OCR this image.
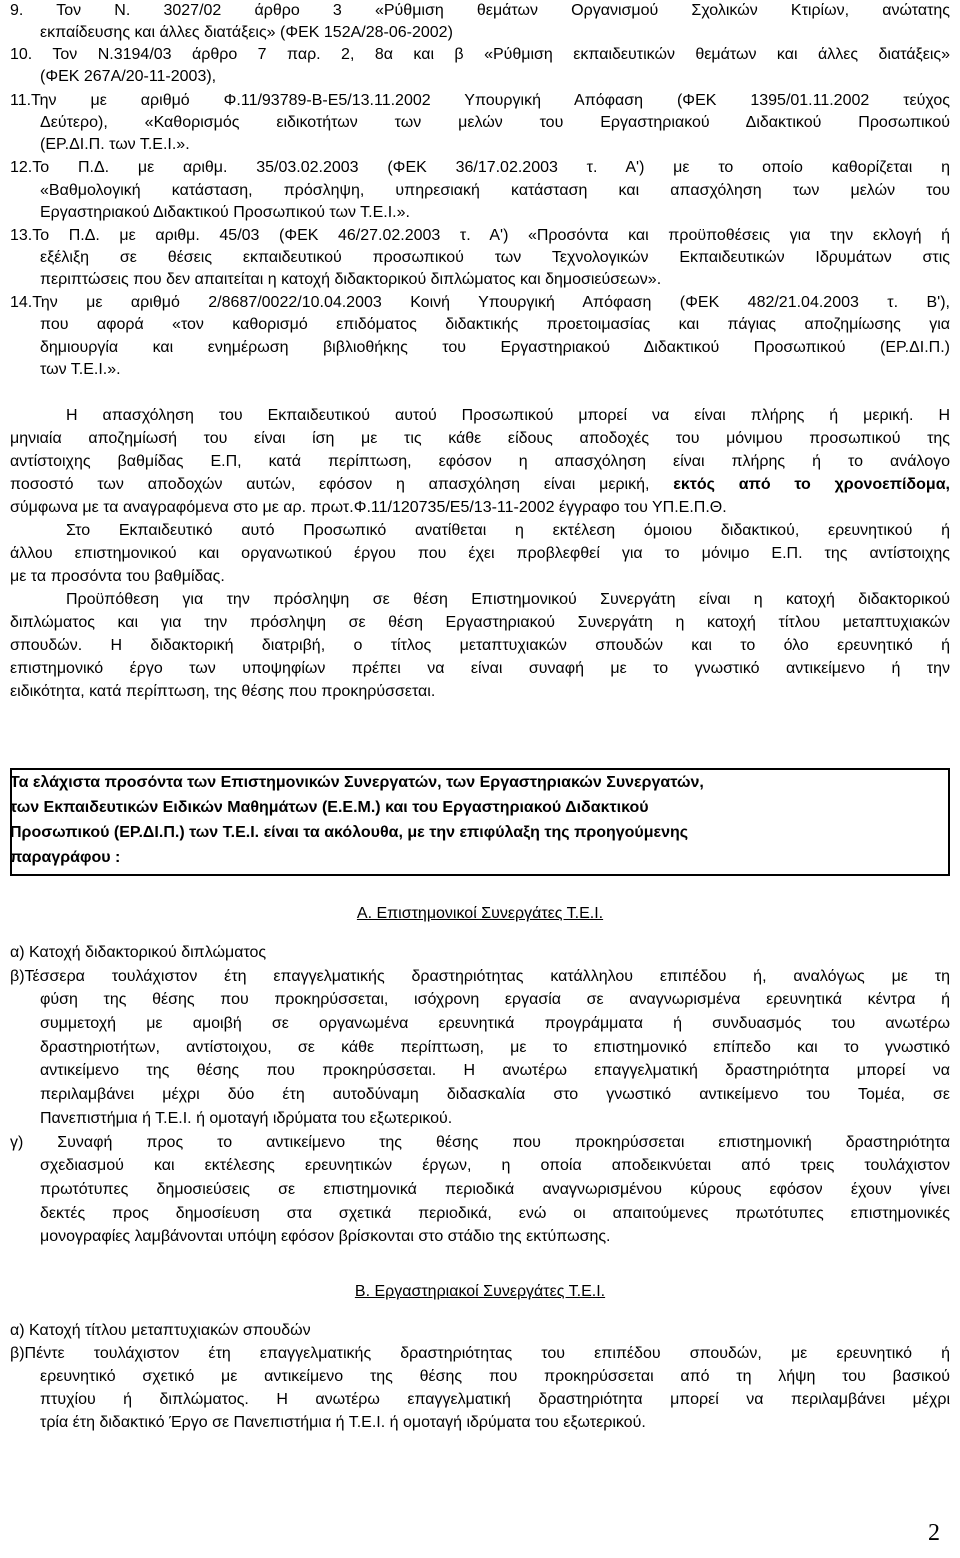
9. Τον Ν. 3027/02 άρθρο 3 «Ρύθμιση θεμάτων Οργανισμού Σχολικών Κτιρίων, ανώτατης
εκπαίδευσης και άλλες διατάξεις» (ΦΕΚ 152Α/28-06-2002)
10. Τον Ν.3194/03 άρθρο 7 παρ. 2, 8α και β «Ρύθμιση εκπαιδευτικών θεμάτων και άλλες διατάξεις»
(ΦΕΚ 267Α/20-11-2003),
11.Την με αριθμό Φ.11/93789-Β-Ε5/13.11.2002 Υπουργική Απόφαση (ΦΕΚ 1395/01.11.2002 τεύχος
Δεύτερο), «Καθορισμός ειδικοτήτων των μελών του Εργαστηριακού Διδακτικού Προσωπικού
(ΕΡ.ΔΙ.Π. των Τ.Ε.Ι.».
12.Το Π.Δ. με αριθμ. 35/03.02.2003 (ΦΕΚ 36/17.02.2003 τ. Α') με το οποίο καθορίζεται η
«Βαθμολογική κατάσταση, πρόσληψη, υπηρεσιακή κατάσταση και απασχόληση των μελών του
Εργαστηριακού Διδακτικού Προσωπικού των Τ.Ε.Ι.».
13.Το Π.Δ. με αριθμ. 45/03 (ΦΕΚ 46/27.02.2003 τ. Α') «Προσόντα και προϋποθέσεις για την εκλογή ή
εξέλιξη σε θέσεις εκπαιδευτικού προσωπικού των Τεχνολογικών Εκπαιδευτικών Ιδρυμάτων στις
περιπτώσεις που δεν απαιτείται η κατοχή διδακτορικού διπλώματος και δημοσιεύσεων».
14.Την με αριθμό 2/8687/0022/10.04.2003 Κοινή Υπουργική Απόφαση (ΦΕΚ 482/21.04.2003 τ. Β'),
που αφορά «τον καθορισμό επιδόματος διδακτικής προετοιμασίας και πάγιας αποζημίωσης για
δημιουργία και ενημέρωση βιβλιοθήκης του Εργαστηριακού Διδακτικού Προσωπικού (ΕΡ.ΔΙ.Π.)
των Τ.Ε.Ι.».
Η απασχόληση του Εκπαιδευτικού αυτού Προσωπικού μπορεί να είναι πλήρης ή μερική. Η
μηνιαία αποζημίωσή του είναι ίση με τις κάθε είδους αποδοχές του μόνιμου προσωπικού της
αντίστοιχης βαθμίδας Ε.Π, κατά περίπτωση, εφόσον η απασχόληση είναι πλήρης ή το ανάλογο
ποσοστό των αποδοχών αυτών, εφόσον η απασχόληση είναι μερική, εκτός από το χρονοεπίδομα,
σύμφωνα με τα αναγραφόμενα στο με αρ. πρωτ.Φ.11/120735/Ε5/13-11-2002 έγγραφο του ΥΠ.Ε.Π.Θ.
Στο Εκπαιδευτικό αυτό Προσωπικό ανατίθεται η εκτέλεση όμοιου διδακτικού, ερευνητικού ή
άλλου επιστημονικού και οργανωτικού έργου που έχει προβλεφθεί για το μόνιμο Ε.Π. της αντίστοιχης
με τα προσόντα του βαθμίδας.
Προϋπόθεση για την πρόσληψη σε θέση Επιστημονικού Συνεργάτη είναι η κατοχή διδακτορικού
διπλώματος και για την πρόσληψη σε θέση Εργαστηριακού Συνεργάτη η κατοχή τίτλου μεταπτυχιακών
σπουδών. Η διδακτορική διατριβή, ο τίτλος μεταπτυχιακών σπουδών και το όλο ερευνητικό ή
επιστημονικό έργο των υποψηφίων πρέπει να είναι συναφή με το γνωστικό αντικείμενο ή την
ειδικότητα, κατά περίπτωση, της θέσης που προκηρύσσεται.
Τα ελάχιστα προσόντα των Επιστημονικών Συνεργατών, των Εργαστηριακών Συνεργατών,
των Εκπαιδευτικών Ειδικών Μαθημάτων (Ε.Ε.Μ.) και του Εργαστηριακού Διδακτικού
Προσωπικού (ΕΡ.ΔΙ.Π.) των Τ.Ε.Ι. είναι τα ακόλουθα, με την επιφύλαξη της προηγούμενης
παραγράφου :
Α. Επιστημονικοί Συνεργάτες Τ.Ε.Ι.
α) Κατοχή διδακτορικού διπλώματος
β)Τέσσερα τουλάχιστον έτη επαγγελματικής δραστηριότητας κατάλληλου επιπέδου ή, αναλόγως με τη
φύση της θέσης που προκηρύσσεται, ισόχρονη εργασία σε αναγνωρισμένα ερευνητικά κέντρα ή
συμμετοχή με αμοιβή σε οργανωμένα ερευνητικά προγράμματα ή συνδυασμός του ανωτέρω
δραστηριοτήτων, αντίστοιχου, σε κάθε περίπτωση, με το επιστημονικό επίπεδο και το γνωστικό
αντικείμενο της θέσης που προκηρύσσεται. Η ανωτέρω επαγγελματική δραστηριότητα μπορεί να
περιλαμβάνει μέχρι δύο έτη αυτοδύναμη διδασκαλία στο γνωστικό αντικείμενο του Τομέα, σε
Πανεπιστήμια ή Τ.Ε.Ι. ή ομοταγή ιδρύματα του εξωτερικού.
γ) Συναφή προς το αντικείμενο της θέσης που προκηρύσσεται επιστημονική δραστηριότητα
σχεδιασμού και εκτέλεσης ερευνητικών έργων, η οποία αποδεικνύεται από τρεις τουλάχιστον
πρωτότυπες δημοσιεύσεις σε επιστημονικά περιοδικά αναγνωρισμένου κύρους εφόσον έχουν γίνει
δεκτές προς δημοσίευση στα σχετικά περιοδικά, ενώ οι απαιτούμενες πρωτότυπες επιστημονικές
μονογραφίες λαμβάνονται υπόψη εφόσον βρίσκονται στο στάδιο της εκτύπωσης.
Β. Εργαστηριακοί Συνεργάτες Τ.Ε.Ι.
α) Κατοχή τίτλου μεταπτυχιακών σπουδών
β)Πέντε τουλάχιστον έτη επαγγελματικής δραστηριότητας του επιπέδου σπουδών, με ερευνητικό ή
ερευνητικό σχετικό με αντικείμενο της θέσης που προκηρύσσεται από τη λήψη του βασικού
πτυχίου ή διπλώματος. Η ανωτέρω επαγγελματική δραστηριότητα μπορεί να περιλαμβάνει μέχρι
τρία έτη διδακτικό Έργο σε Πανεπιστήμια ή Τ.Ε.Ι. ή ομοταγή ιδρύματα του εξωτερικού.
2
